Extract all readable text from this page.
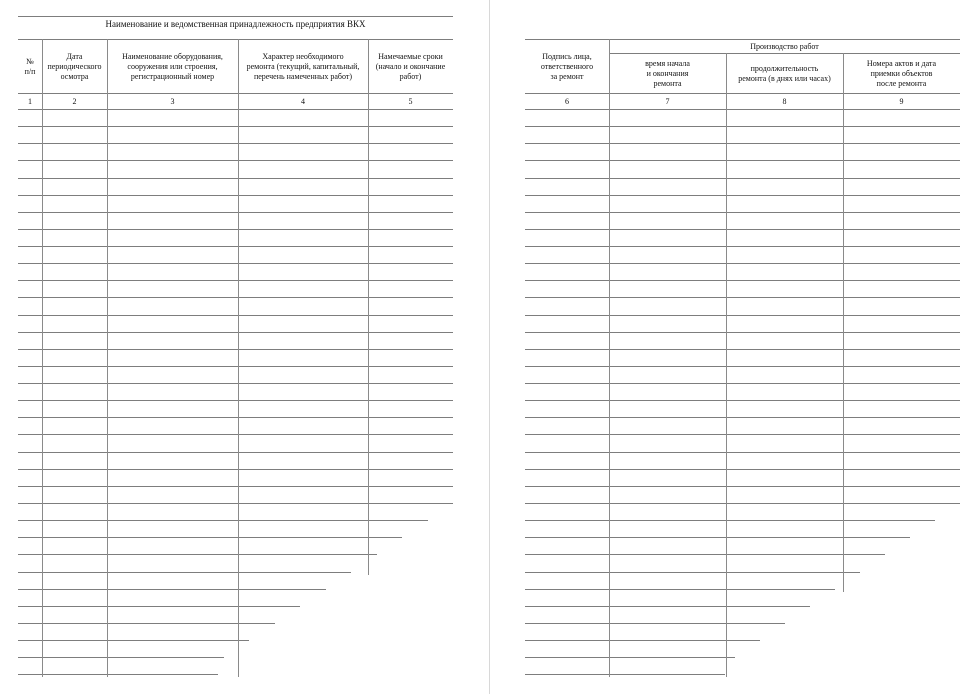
Наименование и ведомственная принадлежность предприятия ВКХ
№
п/п
1
Дата
периодического
осмотра
2
Наименование оборудования,
сооружения или строения,
регистрационный номер
3
Характер необходимого
ремонта (текущий, капитальный,
перечень намеченных работ)
4
Намечаемые сроки
(начало и окончание
работ)
5
Производство работ
Подпись лица,
ответственного
за ремонт
6
время начала
и окончания
ремонта
7
продолжительность
ремонта (в днях или часах)
8
Номера актов и дата
приемки объектов
после ремонта
9
